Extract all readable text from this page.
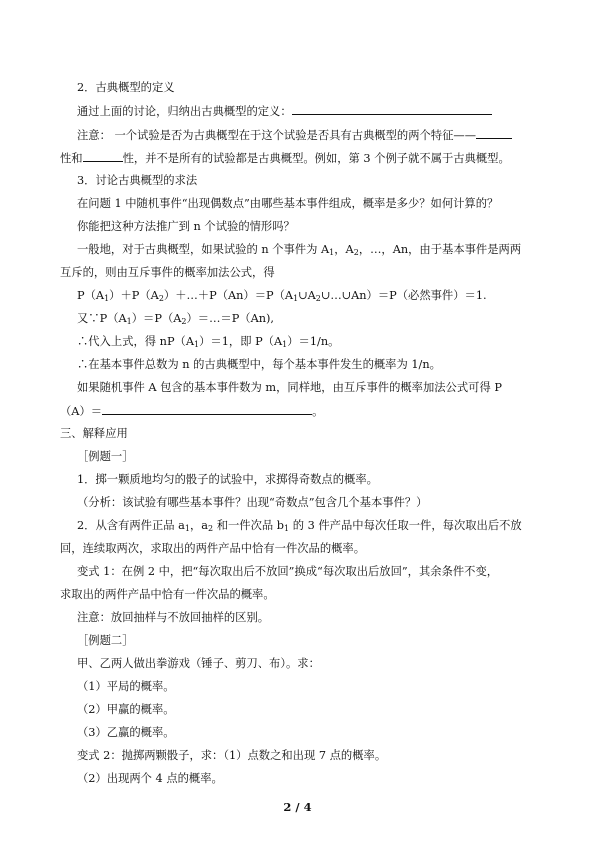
2．古典概型的定义
通过上面的讨论，归纳出古典概型的定义：
注意： 一个试验是否为古典概型在于这个试验是否具有古典概型的两个特征——
性和	性，并不是所有的试验都是古典概型。例如，第 3 个例子就不属于古典概型。
3．讨论古典概型的求法
在问题 1 中随机事件“出现偶数点”由哪些基本事件组成，概率是多少？如何计算的？
你能把这种方法推广到 n 个试验的情形吗？
一般地，对于古典概型，如果试验的 n 个事件为 $A_1$，$A_2$，…，An，由于基本事件是两两
互斥的，则由互斥事件的概率加法公式，得
$P(A_1)+P(A_2)+\dots+P(An)=P(A_1\cup A_2\cup\dots\cup An)=P$（必然事件）＝1.
又$\because P(A_1)=P(A_2)=\dots=P(An)$,
∴代入上式，得 $nP(A_1)=1$，即 $P(A_1)=1/n$。
∴在基本事件总数为 n 的古典概型中，每个基本事件发生的概率为 1/n。
如果随机事件 A 包含的基本事件数为 m，同样地，由互斥事件的概率加法公式可得 P
（A）＝	。
三、解释应用
［例题一］
1．掷一颗质地均匀的骰子的试验中，求掷得奇数点的概率。
（分析：该试验有哪些基本事件？出现“奇数点”包含几个基本事件？）
2．从含有两件正品 $a_1$，$a_2$ 和一件次品 $b_1$ 的 3 件产品中每次任取一件，每次取出后不放
回，连续取两次，求取出的两件产品中恰有一件次品的概率。
变式 1：在例 2 中，把“每次取出后不放回”换成“每次取出后放回”，其余条件不变，
求取出的两件产品中恰有一件次品的概率。
注意：放回抽样与不放回抽样的区别。
［例题二］
甲、乙两人做出拳游戏（锤子、剪刀、布）。求：
（1）平局的概率。
（2）甲赢的概率。
（3）乙赢的概率。
变式 2：抛掷两颗骰子，求：（1）点数之和出现 7 点的概率。
（2）出现两个 4 点的概率。
2 / 4
